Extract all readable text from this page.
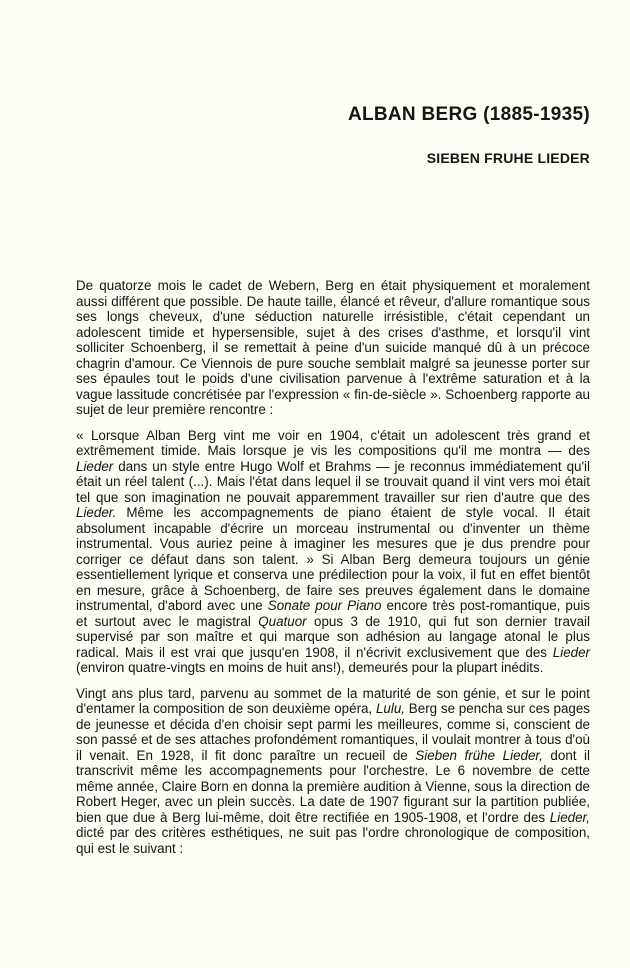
ALBAN BERG (1885-1935)
SIEBEN FRUHE LIEDER

De quatorze mois le cadet de Webern, Berg en était physiquement et moralement aussi différent que possible. De haute taille, élancé et rêveur, d'allure romantique sous ses longs cheveux, d'une séduction naturelle irrésistible, c'était cependant un adolescent timide et hypersensible, sujet à des crises d'asthme, et lorsqu'il vint solliciter Schoenberg, il se remettait à peine d'un suicide manqué dû à un précoce chagrin d'amour. Ce Viennois de pure souche semblait malgré sa jeunesse porter sur ses épaules tout le poids d'une civilisation parvenue à l'extrême saturation et à la vague lassitude concrétisée par l'expression « fin-de-siècle ». Schoenberg rapporte au sujet de leur première rencontre :

« Lorsque Alban Berg vint me voir en 1904, c'était un adolescent très grand et extrêmement timide. Mais lorsque je vis les compositions qu'il me montra — des Lieder dans un style entre Hugo Wolf et Brahms — je reconnus immédiatement qu'il était un réel talent (...). Mais l'état dans lequel il se trouvait quand il vint vers moi était tel que son imagination ne pouvait apparemment travailler sur rien d'autre que des Lieder. Même les accompagnements de piano étaient de style vocal. Il était absolument incapable d'écrire un morceau instrumental ou d'inventer un thème instrumental. Vous auriez peine à imaginer les mesures que je dus prendre pour corriger ce défaut dans son talent. » Si Alban Berg demeura toujours un génie essentiellement lyrique et conserva une prédilection pour la voix, il fut en effet bientôt en mesure, grâce à Schoenberg, de faire ses preuves également dans le domaine instrumental, d'abord avec une Sonate pour Piano encore très post-romantique, puis et surtout avec le magistral Quatuor opus 3 de 1910, qui fut son dernier travail supervisé par son maître et qui marque son adhésion au langage atonal le plus radical. Mais il est vrai que jusqu'en 1908, il n'écrivit exclusivement que des Lieder (environ quatre-vingts en moins de huit ans!), demeurés pour la plupart inédits.

Vingt ans plus tard, parvenu au sommet de la maturité de son génie, et sur le point d'entamer la composition de son deuxième opéra, Lulu, Berg se pencha sur ces pages de jeunesse et décida d'en choisir sept parmi les meilleures, comme si, conscient de son passé et de ses attaches profondément romantiques, il voulait montrer à tous d'où il venait. En 1928, il fit donc paraître un recueil de Sieben frühe Lieder, dont il transcrivit même les accompagnements pour l'orchestre. Le 6 novembre de cette même année, Claire Born en donna la première audition à Vienne, sous la direction de Robert Heger, avec un plein succès. La date de 1907 figurant sur la partition publiée, bien que due à Berg lui-même, doit être rectifiée en 1905-1908, et l'ordre des Lieder, dicté par des critères esthétiques, ne suit pas l'ordre chronologique de composition, qui est le suivant :
